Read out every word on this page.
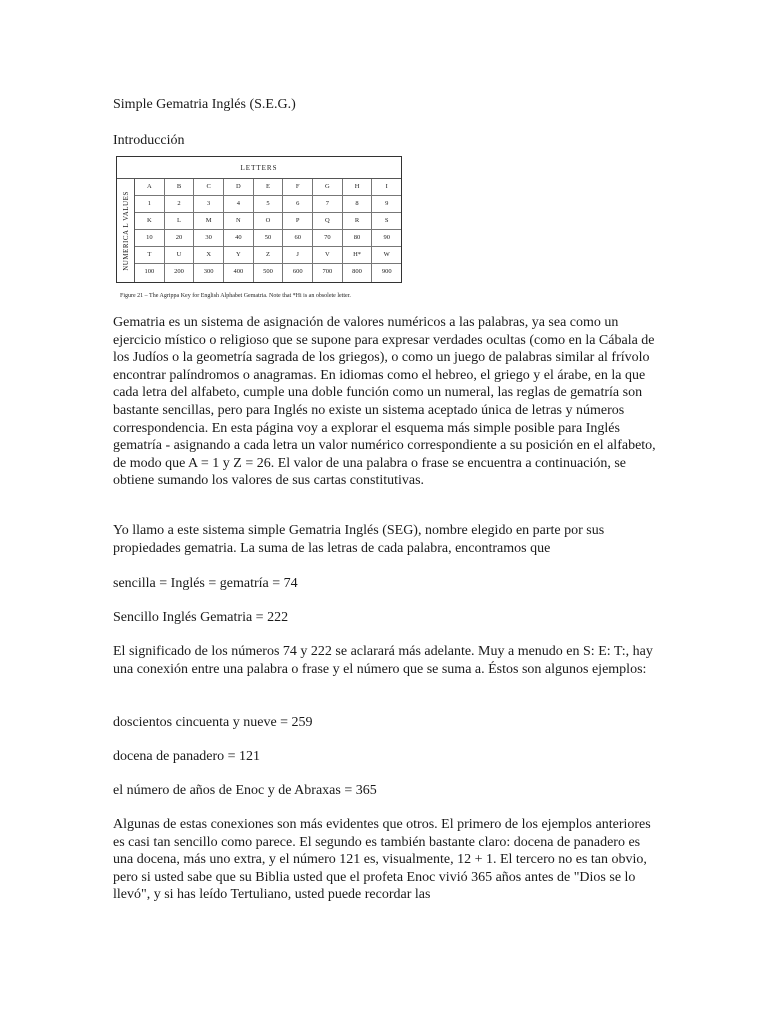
Simple Gematria Inglés (S.E.G.)
Introducción
LETTERS
NUMERICA L VALUES
A	B	C	D	E	F	G	H	I
1	2	3	4	5	6	7	8	9
K	L	M	N	O	P	Q	R	S
10	20	30	40	50	60	70	80	90
T	U	X	Y	Z	J	V	H*	W
100	200	300	400	500	600	700	800	900
Figure 21 – The Agrippa Key for English Alphabet Gematria. Note that *Hi is an obsolete letter.
Gematria es un sistema de asignación de valores numéricos a las palabras, ya sea como un ejercicio místico o religioso que se supone para expresar verdades ocultas (como en la Cábala de los Judíos o la geometría sagrada de los griegos), o como un juego de palabras similar al frívolo encontrar palíndromos o anagramas. En idiomas como el hebreo, el griego y el árabe, en la que cada letra del alfabeto, cumple una doble función como un numeral, las reglas de gematría son bastante sencillas, pero para Inglés no existe un sistema aceptado única de letras y números correspondencia. En esta página voy a explorar el esquema más simple posible para Inglés gematría - asignando a cada letra un valor numérico correspondiente a su posición en el alfabeto, de modo que A = 1 y Z = 26. El valor de una palabra o frase se encuentra a continuación, se obtiene sumando los valores de sus cartas constitutivas.
Yo llamo a este sistema simple Gematria Inglés (SEG), nombre elegido en parte por sus propiedades gematria. La suma de las letras de cada palabra, encontramos que
sencilla = Inglés = gematría = 74
Sencillo Inglés Gematria = 222
El significado de los números 74 y 222 se aclarará más adelante. Muy a menudo en S: E: T:, hay una conexión entre una palabra o frase y el número que se suma a. Éstos son algunos ejemplos:
doscientos cincuenta y nueve = 259
docena de panadero = 121
el número de años de Enoc y de Abraxas = 365
Algunas de estas conexiones son más evidentes que otros. El primero de los ejemplos anteriores es casi tan sencillo como parece. El segundo es también bastante claro: docena de panadero es una docena, más uno extra, y el número 121 es, visualmente, 12 + 1. El tercero no es tan obvio, pero si usted sabe que su Biblia usted que el profeta Enoc vivió 365 años antes de "Dios se lo llevó", y si has leído Tertuliano, usted puede recordar las
